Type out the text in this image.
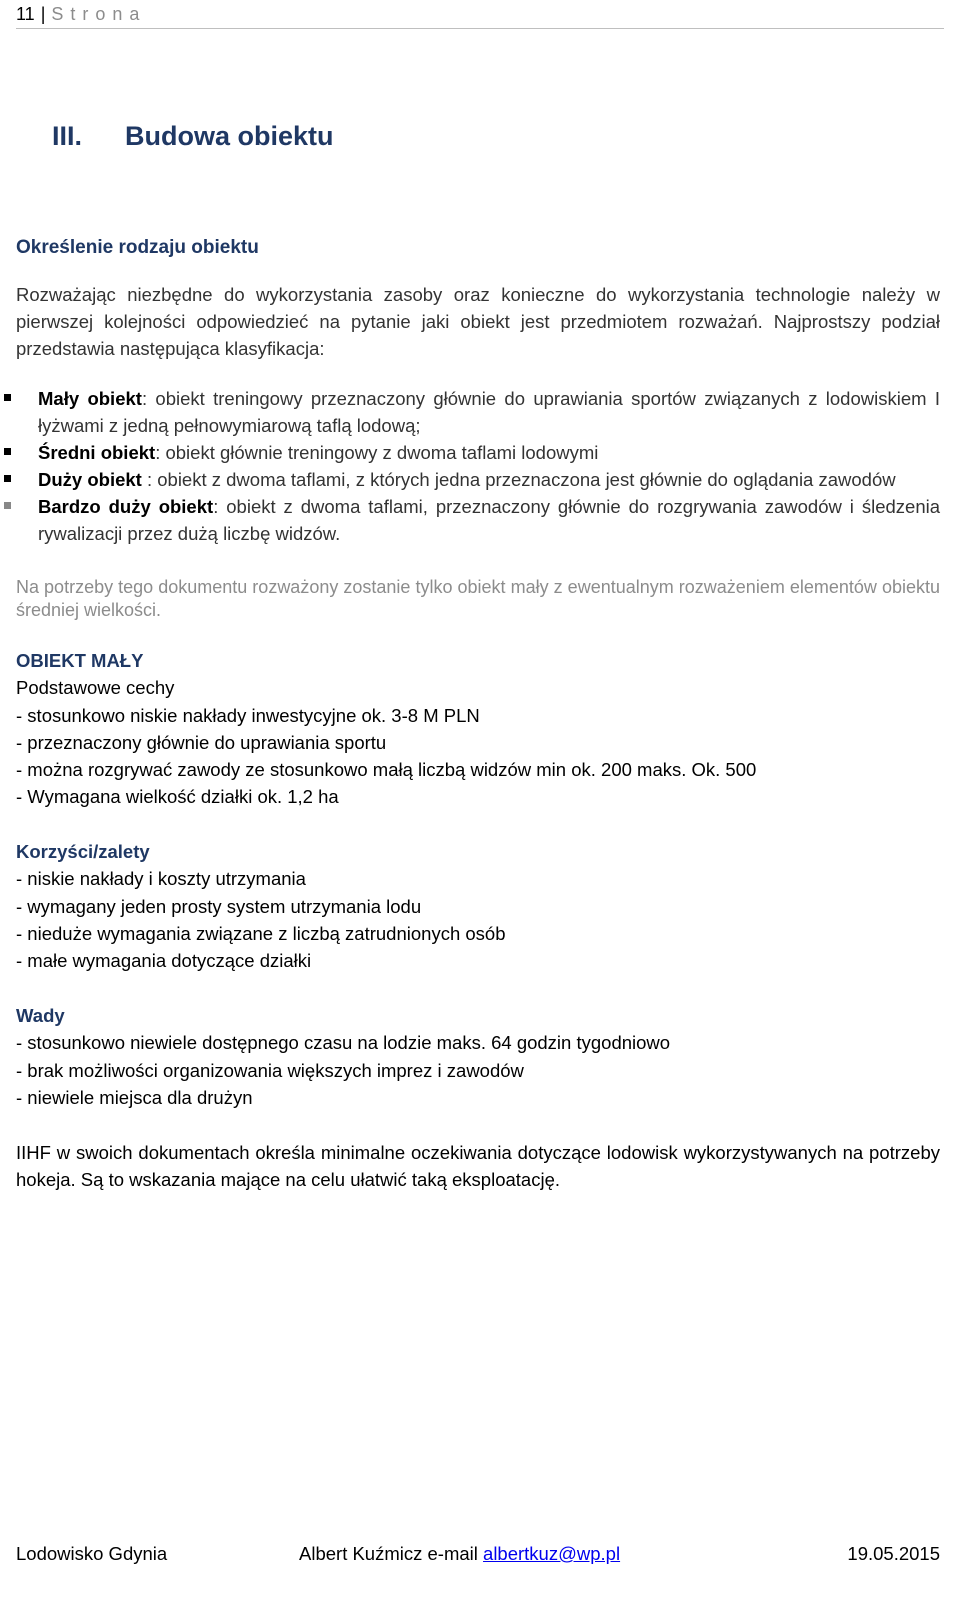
11 | Strona
III. Budowa obiektu
Określenie rodzaju obiektu

Rozważając niezbędne do wykorzystania zasoby oraz konieczne do wykorzystania technologie należy w pierwszej kolejności odpowiedzieć na pytanie jaki obiekt jest przedmiotem rozważań. Najprostszy podział przedstawia następująca klasyfikacja:

Mały obiekt: obiekt treningowy przeznaczony głównie do uprawiania sportów związanych z lodowiskiem I łyżwami z jedną pełnowymiarową taflą lodową;
Średni obiekt: obiekt głównie treningowy z dwoma taflami lodowymi
Duży obiekt : obiekt z dwoma taflami, z których jedna przeznaczona jest głównie do oglądania zawodów
Bardzo duży obiekt: obiekt z dwoma taflami, przeznaczony głównie do rozgrywania zawodów i śledzenia rywalizacji przez dużą liczbę widzów.

Na potrzeby tego dokumentu rozważony zostanie tylko obiekt mały z ewentualnym rozważeniem elementów obiektu średniej wielkości.

OBIEKT MAŁY
Podstawowe cechy
- stosunkowo niskie nakłady inwestycyjne ok. 3-8 M PLN
- przeznaczony głównie do uprawiania sportu
- można rozgrywać zawody ze stosunkowo małą liczbą widzów min ok. 200 maks. Ok. 500
- Wymagana wielkość działki ok. 1,2 ha
Korzyści/zalety
- niskie nakłady i koszty utrzymania
- wymagany jeden prosty system utrzymania lodu
- nieduże wymagania związane z liczbą zatrudnionych osób
- małe wymagania dotyczące działki
Wady
- stosunkowo niewiele dostępnego czasu na lodzie maks. 64 godzin tygodniowo
- brak możliwości organizowania większych imprez i zawodów
- niewiele miejsca dla drużyn

IIHF w swoich dokumentach określa minimalne oczekiwania dotyczące lodowisk wykorzystywanych na potrzeby hokeja. Są to wskazania mające na celu ułatwić taką eksploatację.

Lodowisko Gdynia	Albert Kuźmicz e-mail albertkuz@wp.pl	19.05.2015
